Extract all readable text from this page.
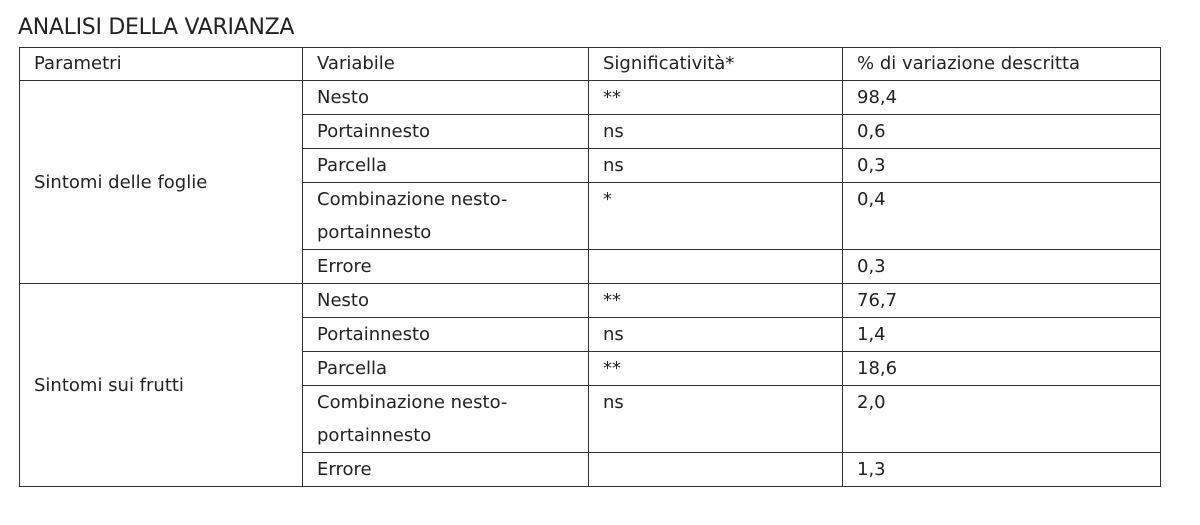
ANALISI DELLA VARIANZA
Parametri	Variabile	Significatività*	% di variazione descritta
Sintomi delle foglie	Nesto	**	98,4
	Portainnesto	ns	0,6
	Parcella	ns	0,3

	Combinazione nesto-portainnesto	*	0,4
	Errore		0,3
Sintomi sui frutti	Nesto	**	76,7
	Portainnesto	ns	1,4
	Parcella	**	18,6

	Combinazione nesto-portainnesto	ns	2,0
	Errore		1,3
